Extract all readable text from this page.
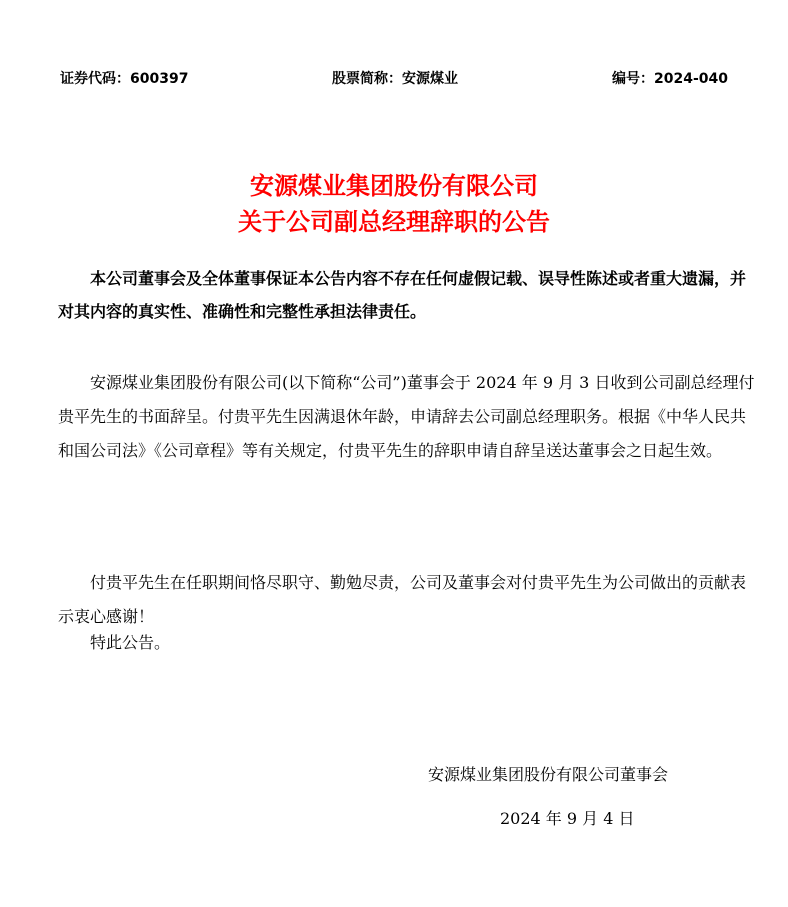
证券代码：600397	股票简称：安源煤业	编号：2024-040
安源煤业集团股份有限公司
关于公司副总经理辞职的公告
本公司董事会及全体董事保证本公告内容不存在任何虚假记载、误导性陈述或者重大遗漏，并对其内容的真实性、准确性和完整性承担法律责任。
安源煤业集团股份有限公司(以下简称“公司”)董事会于 2024 年 9 月 3 日收到公司副总经理付贵平先生的书面辞呈。付贵平先生因满退休年龄，申请辞去公司副总经理职务。根据《中华人民共和国公司法》《公司章程》等有关规定，付贵平先生的辞职申请自辞呈送达董事会之日起生效。
付贵平先生在任职期间恪尽职守、勤勉尽责，公司及董事会对付贵平先生为公司做出的贡献表示衷心感谢！
特此公告。
安源煤业集团股份有限公司董事会
2024 年 9 月 4 日
